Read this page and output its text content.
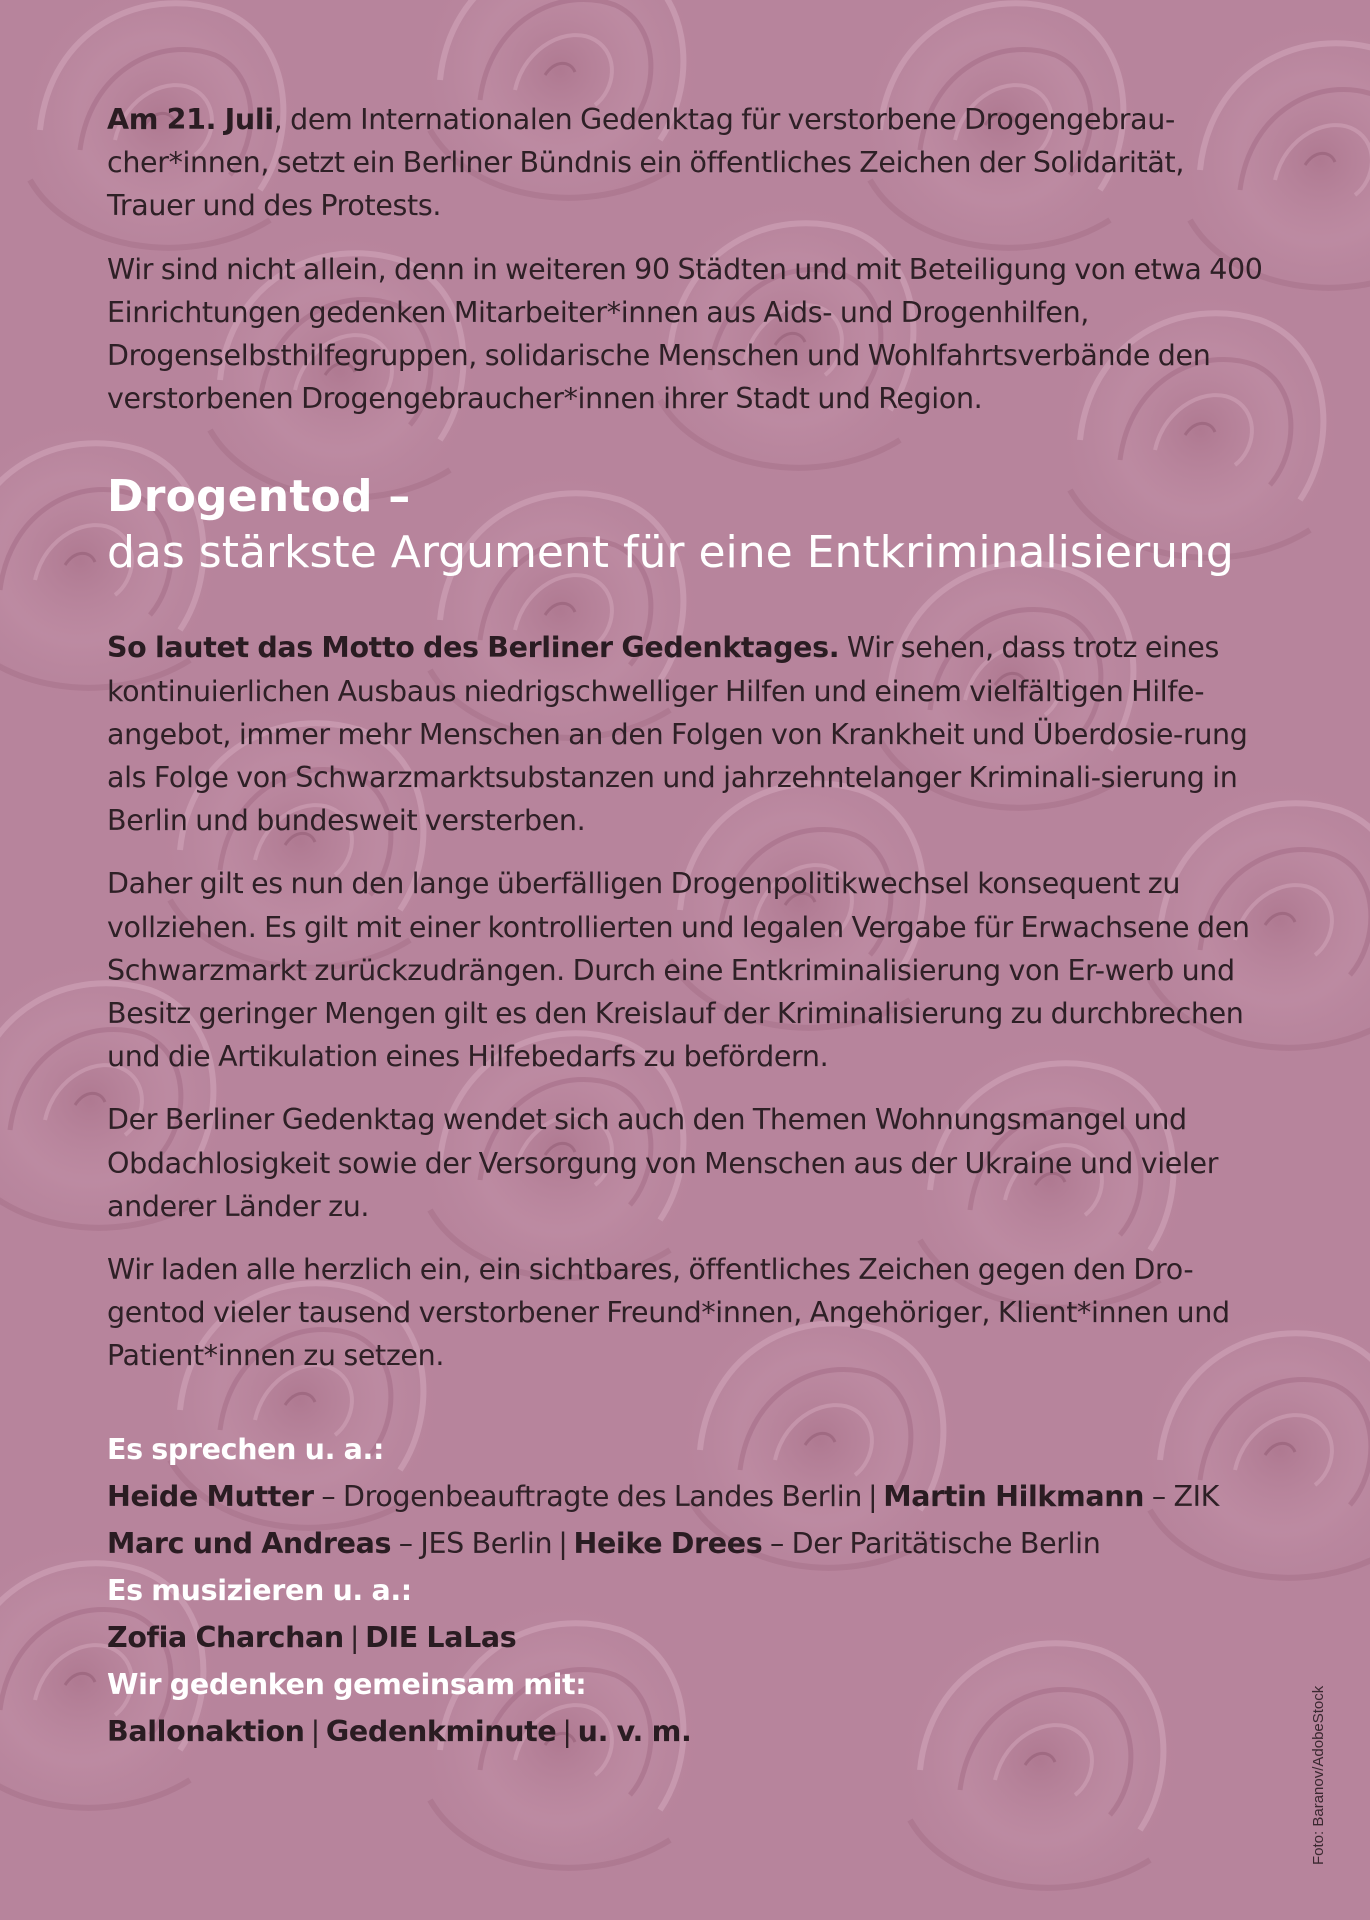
Am 21. Juli, dem Internationalen Gedenktag für verstorbene Drogengebrau-cher*innen, setzt ein Berliner Bündnis ein öffentliches Zeichen der Solidarität, Trauer und des Protests.

Wir sind nicht allein, denn in weiteren 90 Städten und mit Beteiligung von etwa 400 Einrichtungen gedenken Mitarbeiter*innen aus Aids- und Drogenhilfen, Drogenselbsthilfegruppen, solidarische Menschen und Wohlfahrtsverbände den verstorbenen Drogengebraucher*innen ihrer Stadt und Region.

Drogentod –
das stärkste Argument für eine Entkriminalisierung

So lautet das Motto des Berliner Gedenktages. Wir sehen, dass trotz eines kontinuierlichen Ausbaus niedrigschwelliger Hilfen und einem vielfältigen Hilfe-angebot, immer mehr Menschen an den Folgen von Krankheit und Überdosie-rung als Folge von Schwarzmarktsubstanzen und jahrzehntelanger Kriminali-sierung in Berlin und bundesweit versterben.

Daher gilt es nun den lange überfälligen Drogenpolitikwechsel konsequent zu vollziehen. Es gilt mit einer kontrollierten und legalen Vergabe für Erwachsene den Schwarzmarkt zurückzudrängen. Durch eine Entkriminalisierung von Er-werb und Besitz geringer Mengen gilt es den Kreislauf der Kriminalisierung zu durchbrechen und die Artikulation eines Hilfebedarfs zu befördern.

Der Berliner Gedenktag wendet sich auch den Themen Wohnungsmangel und Obdachlosigkeit sowie der Versorgung von Menschen aus der Ukraine und vieler anderer Länder zu.

Wir laden alle herzlich ein, ein sichtbares, öffentliches Zeichen gegen den Dro-gentod vieler tausend verstorbener Freund*innen, Angehöriger, Klient*innen und Patient*innen zu setzen.

Es sprechen u. a.:
Heide Mutter – Drogenbeauftragte des Landes Berlin | Martin Hilkmann – ZIK
Marc und Andreas – JES Berlin | Heike Drees – Der Paritätische Berlin
Es musizieren u. a.:
Zofia Charchan | DIE LaLas
Wir gedenken gemeinsam mit:
Ballonaktion | Gedenkminute | u. v. m.	Foto: Baranov/AdobeStock
